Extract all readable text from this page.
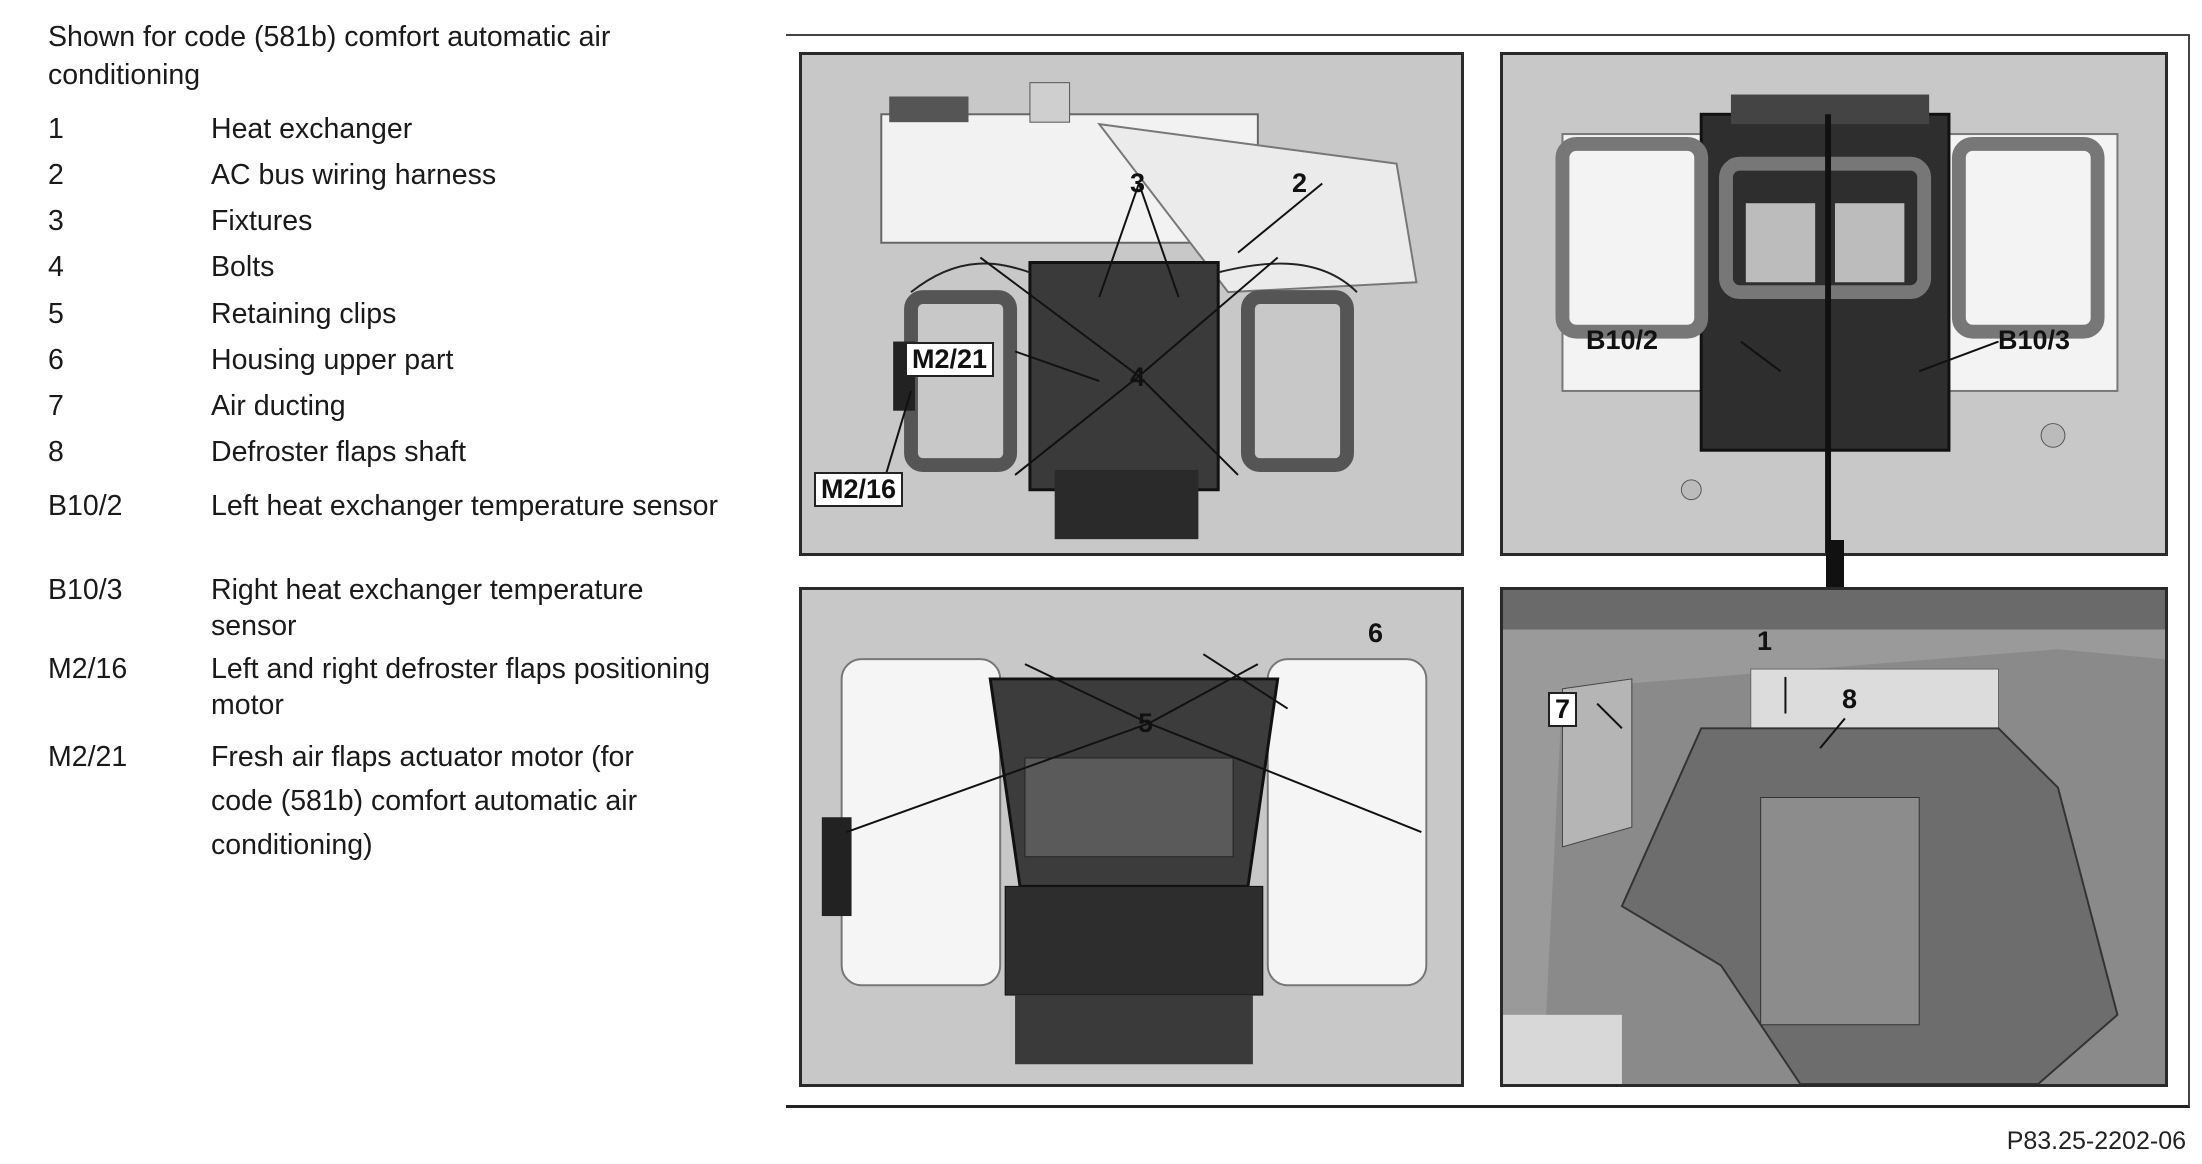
Shown for code (581b) comfort automatic air conditioning
1	Heat exchanger
2	AC bus wiring harness
3	Fixtures
4	Bolts
5	Retaining clips
6	Housing upper part
7	Air ducting
8	Defroster flaps shaft
B10/2	Left heat exchanger temperature sensor
B10/3	Right heat exchanger temperature sensor
M2/16	Left and right defroster flaps positioning motor
M2/21	Fresh air flaps actuator motor (for code (581b) comfort automatic air conditioning)
3	2
M2/21
4
M2/16
B10/2	B10/3
6
5
1
8
7
P83.25-2202-06
